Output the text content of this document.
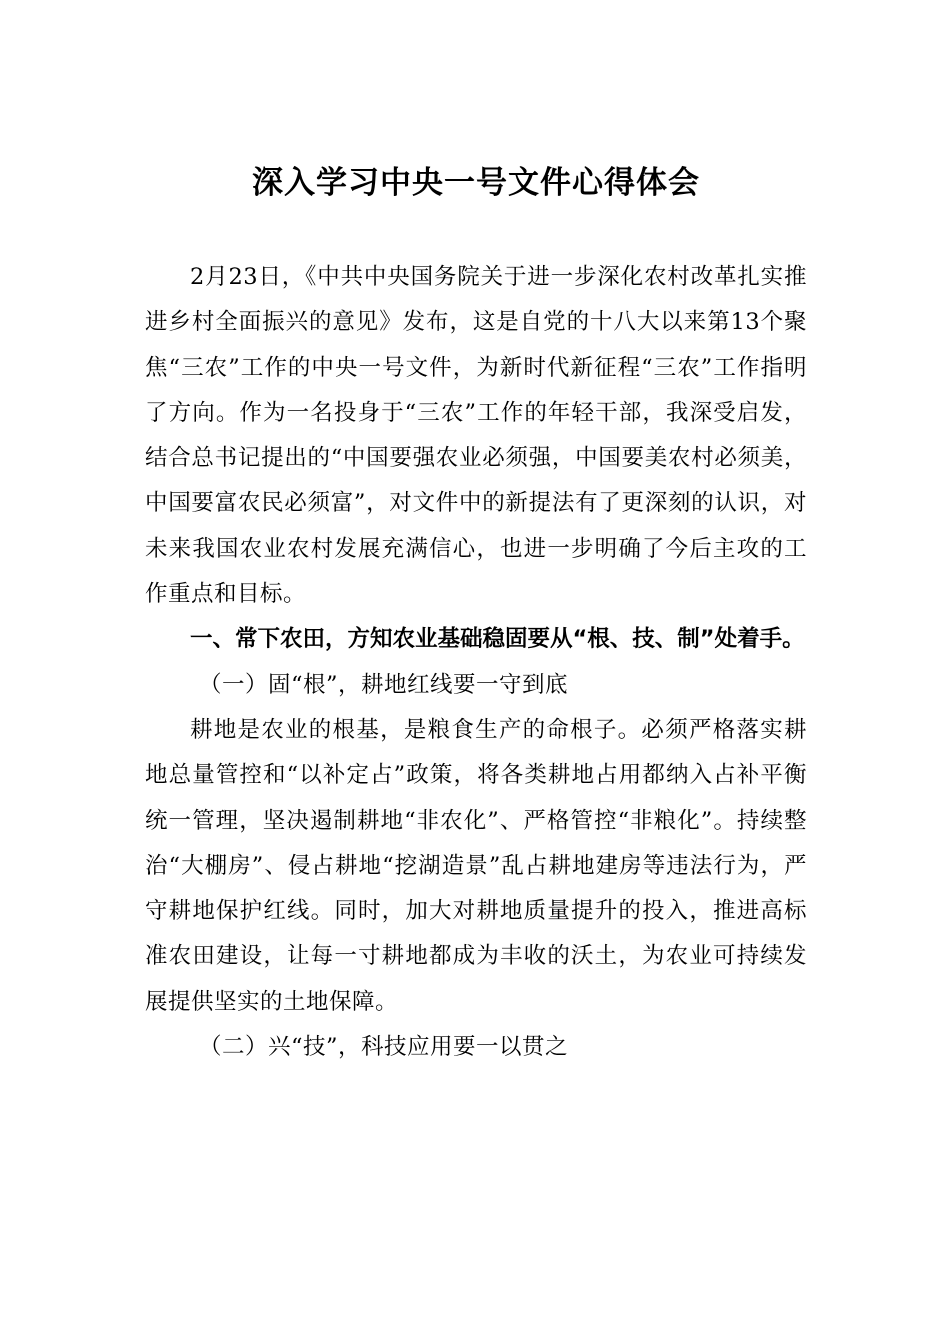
深入学习中央一号文件心得体会

2月23日，《中共中央国务院关于进一步深化农村改革扎实推进乡村全面振兴的意见》发布，这是自党的十八大以来第13个聚焦“三农”工作的中央一号文件，为新时代新征程“三农”工作指明了方向。作为一名投身于“三农”工作的年轻干部，我深受启发，结合总书记提出的“中国要强农业必须强，中国要美农村必须美，中国要富农民必须富”，对文件中的新提法有了更深刻的认识，对未来我国农业农村发展充满信心，也进一步明确了今后主攻的工作重点和目标。

一、常下农田，方知农业基础稳固要从“根、技、制”处着手。

（一）固“根”，耕地红线要一守到底

耕地是农业的根基，是粮食生产的命根子。必须严格落实耕地总量管控和“以补定占”政策，将各类耕地占用都纳入占补平衡统一管理，坚决遏制耕地“非农化”、严格管控“非粮化”。持续整治“大棚房”、侵占耕地“挖湖造景”乱占耕地建房等违法行为，严守耕地保护红线。同时，加大对耕地质量提升的投入，推进高标准农田建设，让每一寸耕地都成为丰收的沃土，为农业可持续发展提供坚实的土地保障。

（二）兴“技”，科技应用要一以贯之
